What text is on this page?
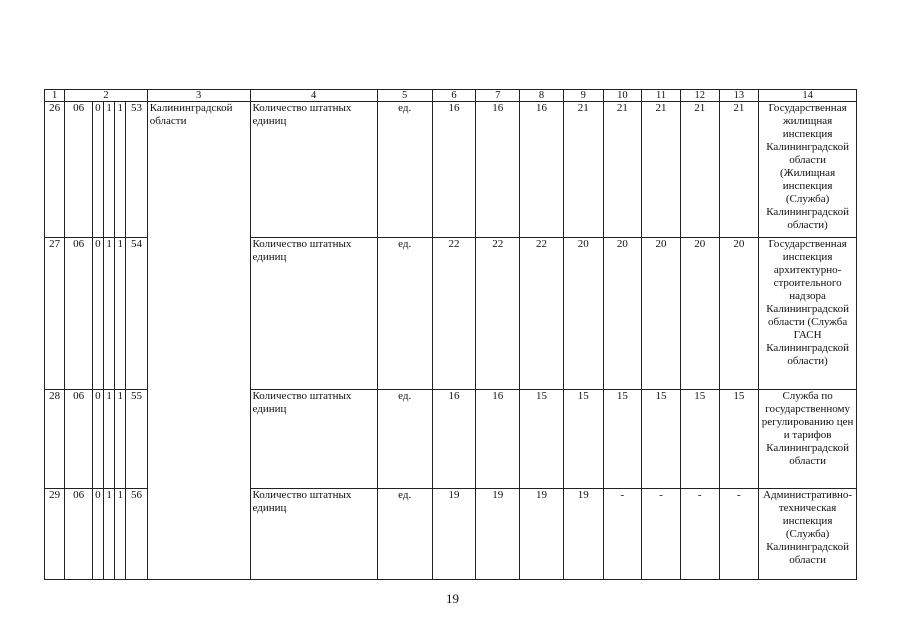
1	2					3	4	5	6	7	8	9	10	11	12	13	14
26	06	0	1	1	53	Калининградской области	Количество штатных единиц	ед.	16	16	16	21	21	21	21	21	Государственная жилищная инспекция Калининградской области (Жилищная инспекция (Служба) Калининградской области)
27	06	0	1	1	54		Количество штатных единиц	ед.	22	22	22	20	20	20	20	20	Государственная инспекция архитектурно-строительного надзора Калининградской области (Служба ГАСН Калининградской области)
28	06	0	1	1	55		Количество штатных единиц	ед.	16	16	15	15	15	15	15	15	Служба по государственному регулированию цен и тарифов Калининградской области
29	06	0	1	1	56		Количество штатных единиц	ед.	19	19	19	19	-	-	-	-	Административно-техническая инспекция (Служба) Калининградской области
19
